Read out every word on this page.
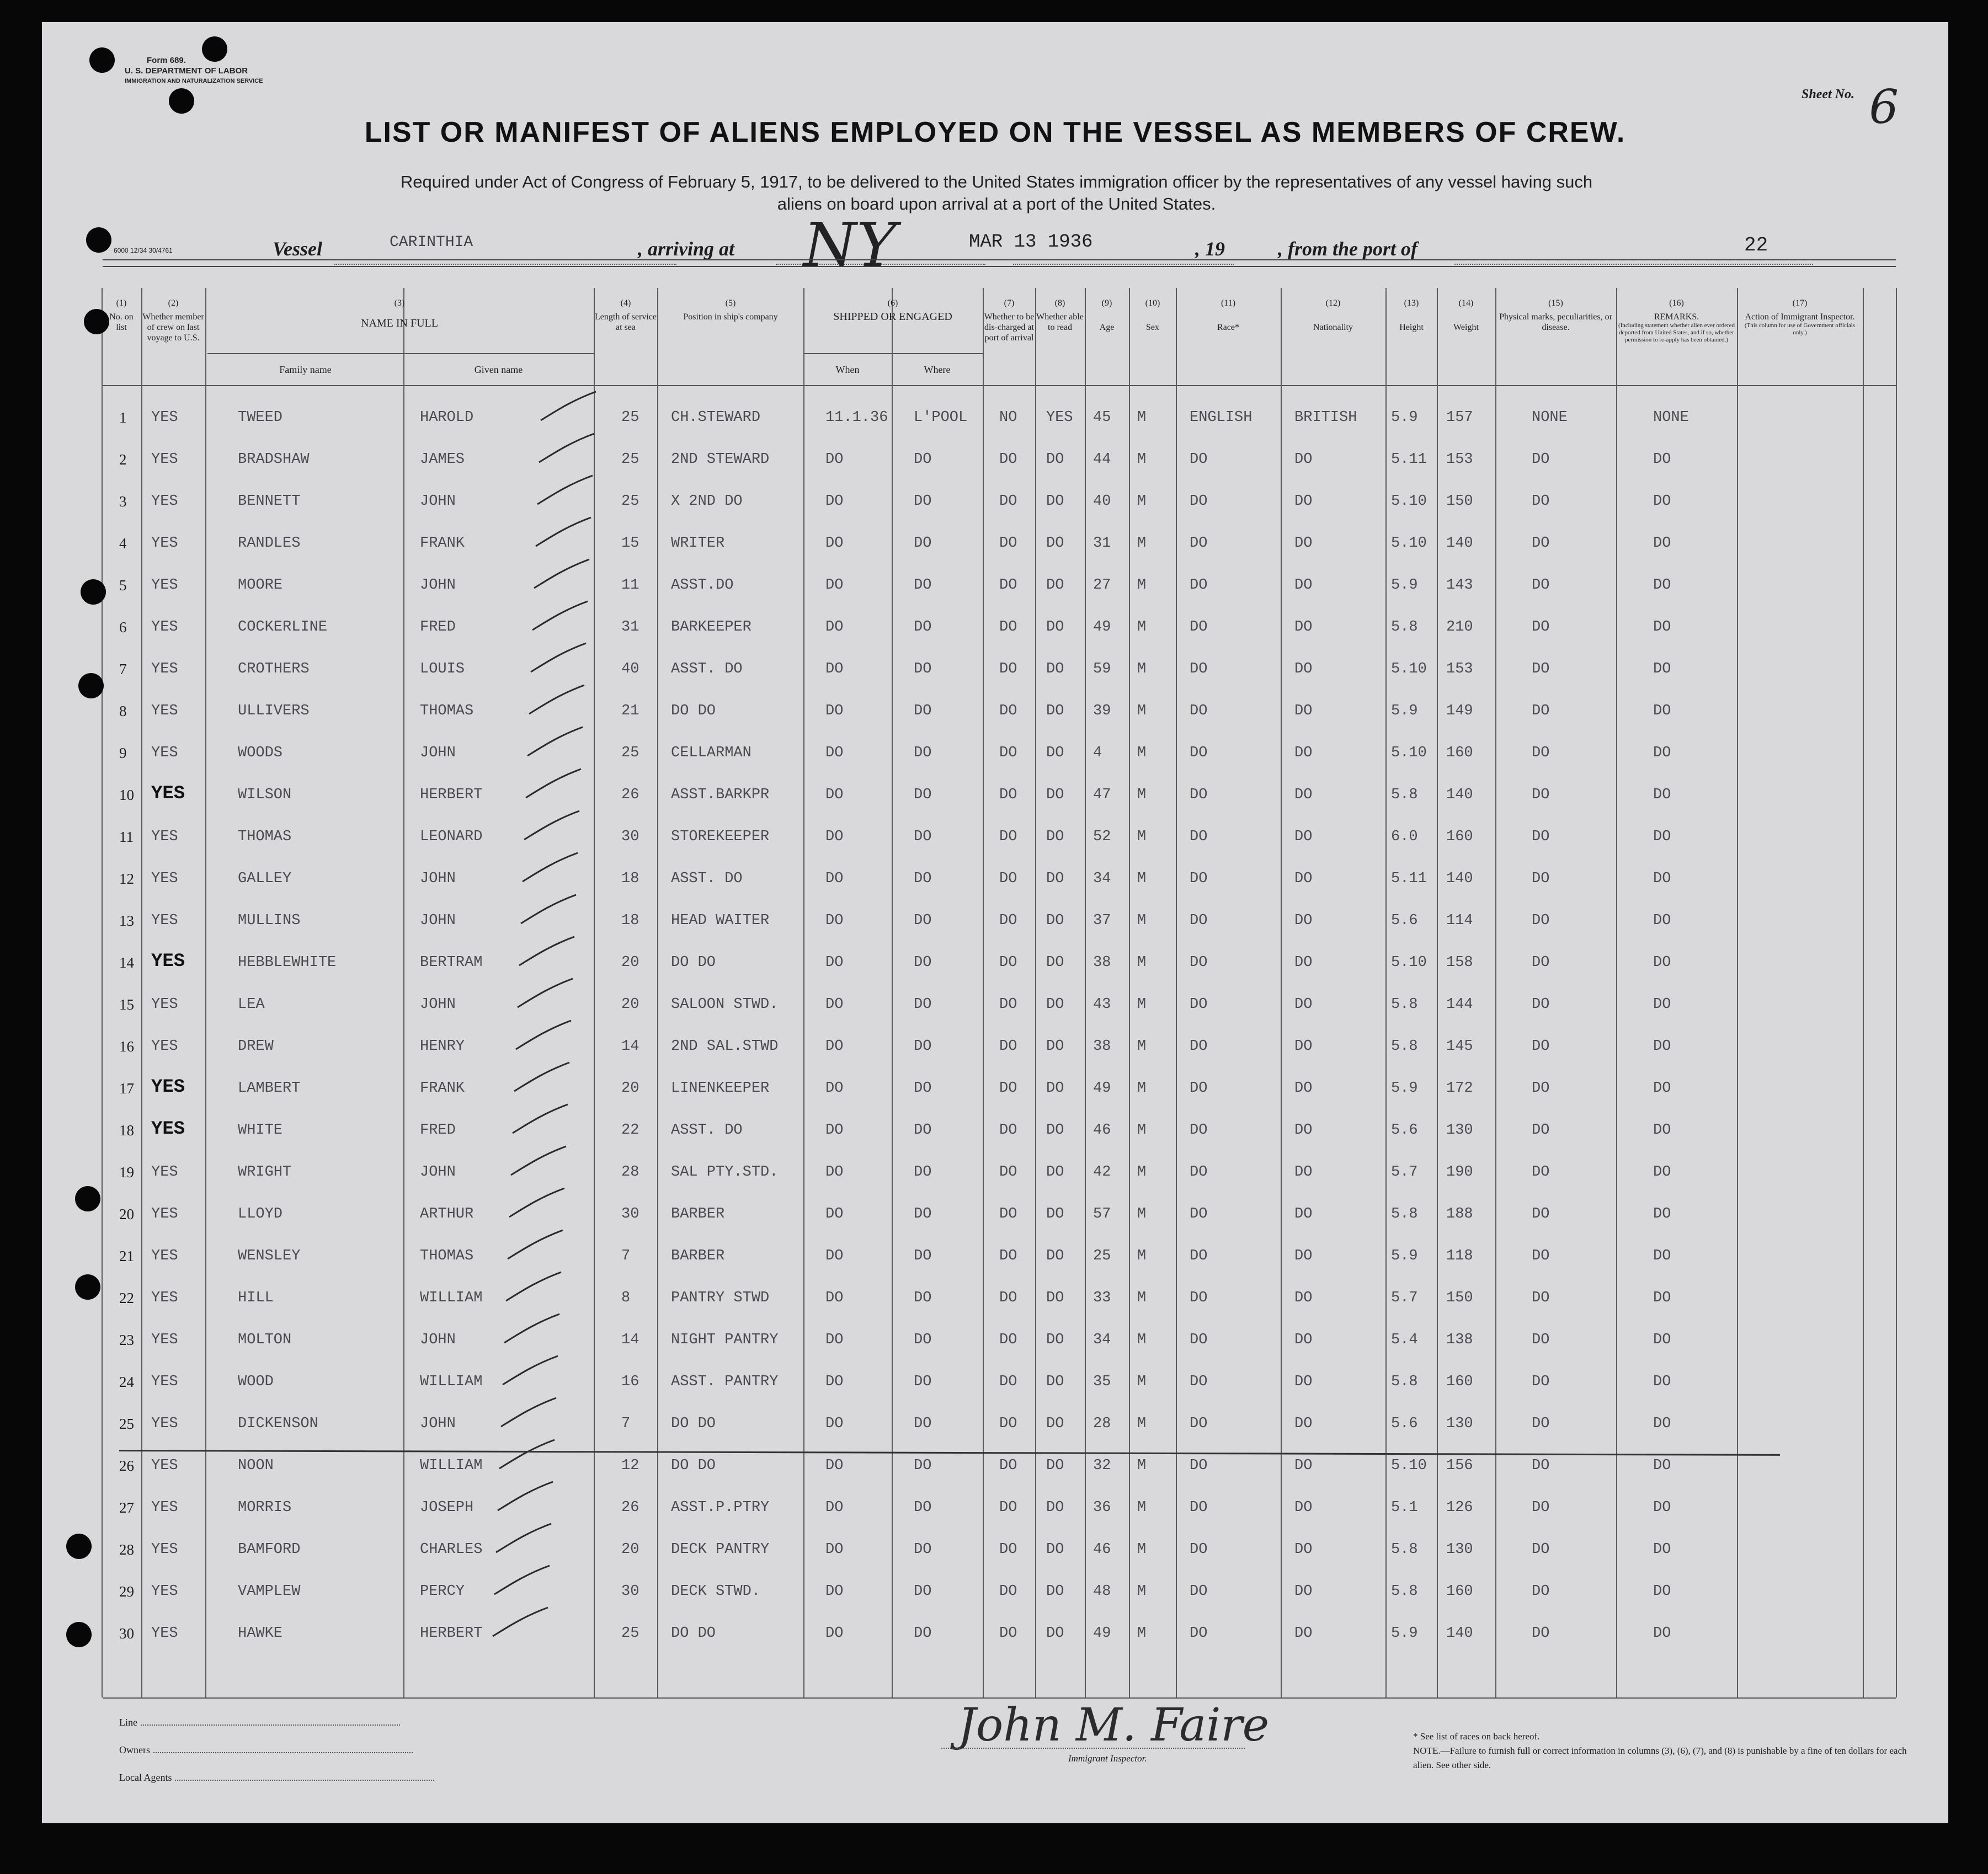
Form 689.
U. S. DEPARTMENT OF LABOR
IMMIGRATION AND NATURALIZATION SERVICE
Sheet No. 6
LIST OR MANIFEST OF ALIENS EMPLOYED ON THE VESSEL AS MEMBERS OF CREW.
Required under Act of Congress of February 5, 1917, to be delivered to the United States immigration officer by the representatives of any vessel having such
aliens on board upon arrival at a port of the United States.
Vessel	CARINTHIA	, arriving at NY	MAR 13 1936	, 19	, from the port of	22
6000 12/34 30/4761
(1)
No. on list
(2)
Whether member of crew on last voyage to U.S.
(3)
NAME IN FULL
Family name	Given name
(4)
Length of service at sea
(5)
Position in ship's company
(6)
SHIPPED OR ENGAGED
When	Where
(7)
Whether to be dis-charged at port of arrival
(8)
Whether able to read
(9)

Age
(10)

Sex
(11)

Race*
(12)

Nationality
(13)

Height
(14)

Weight
(15)
Physical marks, peculiarities, or disease.
(16)
REMARKS.

(Including statement whether alien ever ordered deported from United States, and if so, whether permission to re-apply has been obtained.)
(17)
Action of Immigrant Inspector.

(This column for use of Government officials only.)
1 YES	TWEED	HAROLD	25 CH.STEWARD	11.1.36 L'POOL NO YES 45 M	ENGLISH	BRITISH 5.9 157	NONE	NONE
2 YES	BRADSHAW	JAMES	25 2ND STEWARD	DO	DO	DO DO 44 M	DO	DO	5.11 153	DO	DO
3 YES	BENNETT	JOHN	25 X 2ND DO	DO	DO	DO DO 40 M	DO	DO	5.10 150	DO	DO
4 YES	RANDLES	FRANK	15 WRITER	DO	DO	DO DO 31 M	DO	DO	5.10 140	DO	DO
5 YES	MOORE	JOHN	11 ASST.DO	DO	DO	DO DO 27 M	DO	DO	5.9 143	DO	DO
6 YES	COCKERLINE	FRED	31 BARKEEPER	DO	DO	DO DO 49 M	DO	DO	5.8 210	DO	DO
7 YES	CROTHERS	LOUIS	40 ASST. DO	DO	DO	DO DO 59 M	DO	DO	5.10 153	DO	DO
8 YES	ULLIVERS	THOMAS	21 DO DO	DO	DO	DO DO 39 M	DO	DO	5.9 149	DO	DO
9 YES	WOODS	JOHN	25 CELLARMAN	DO	DO	DO DO 4 M	DO	DO	5.10 160	DO	DO
10 YES	WILSON	HERBERT	26 ASST.BARKPR	DO	DO	DO DO 47 M	DO	DO	5.8 140	DO	DO
11 YES	THOMAS	LEONARD	30 STOREKEEPER	DO	DO	DO DO 52 M	DO	DO	6.0 160	DO	DO
12 YES	GALLEY	JOHN	18 ASST. DO	DO	DO	DO DO 34 M	DO	DO	5.11 140	DO	DO
13 YES	MULLINS	JOHN	18 HEAD WAITER	DO	DO	DO DO 37 M	DO	DO	5.6 114	DO	DO
14 YES	HEBBLEWHITE	BERTRAM	20 DO DO	DO	DO	DO DO 38 M	DO	DO	5.10 158	DO	DO
15 YES	LEA	JOHN	20 SALOON STWD.	DO	DO	DO DO 43 M	DO	DO	5.8 144	DO	DO
16 YES	DREW	HENRY	14 2ND SAL.STWD	DO	DO	DO DO 38 M	DO	DO	5.8 145	DO	DO
17 YES	LAMBERT	FRANK	20 LINENKEEPER	DO	DO	DO DO 49 M	DO	DO	5.9 172	DO	DO
18 YES	WHITE	FRED	22 ASST. DO	DO	DO	DO DO 46 M	DO	DO	5.6 130	DO	DO
19 YES	WRIGHT	JOHN	28 SAL PTY.STD.	DO	DO	DO DO 42 M	DO	DO	5.7 190	DO	DO
20 YES	LLOYD	ARTHUR	30 BARBER	DO	DO	DO DO 57 M	DO	DO	5.8 188	DO	DO
21 YES	WENSLEY	THOMAS	7	BARBER	DO	DO	DO DO 25 M	DO	DO	5.9 118	DO	DO
22 YES	HILL	WILLIAM	8	PANTRY STWD	DO	DO	DO DO 33 M	DO	DO	5.7 150	DO	DO
23 YES	MOLTON	JOHN	14 NIGHT PANTRY	DO	DO	DO DO 34 M	DO	DO	5.4 138	DO	DO
24 YES	WOOD	WILLIAM	16 ASST. PANTRY	DO	DO	DO DO 35 M	DO	DO	5.8 160	DO	DO
25 YES	DICKENSON	JOHN	7	DO DO	DO	DO	DO DO 28 M	DO	DO	5.6 130	DO	DO
26 YES	NOON	WILLIAM	12 DO DO	DO	DO	DO DO 32 M	DO	DO	5.10 156	DO	DO
27 YES	MORRIS	JOSEPH	26 ASST.P.PTRY	DO	DO	DO DO 36 M	DO	DO	5.1 126	DO	DO
28 YES	BAMFORD	CHARLES	20 DECK PANTRY	DO	DO	DO DO 46 M	DO	DO	5.8 130	DO	DO
29 YES	VAMPLEW	PERCY	30 DECK STWD.	DO	DO	DO DO 48 M	DO	DO	5.8 160	DO	DO
30 YES	HAWKE	HERBERT	25 DO DO	DO	DO	DO DO 49 M	DO	DO	5.9 140	DO	DO
Line
Owners
Local Agents
John M. Faire
Immigrant Inspector.
* See list of races on back hereof.
NOTE.—Failure to furnish full or correct information in columns (3), (6), (7), and (8) is punishable by a fine of ten dollars for each alien. See other side.
